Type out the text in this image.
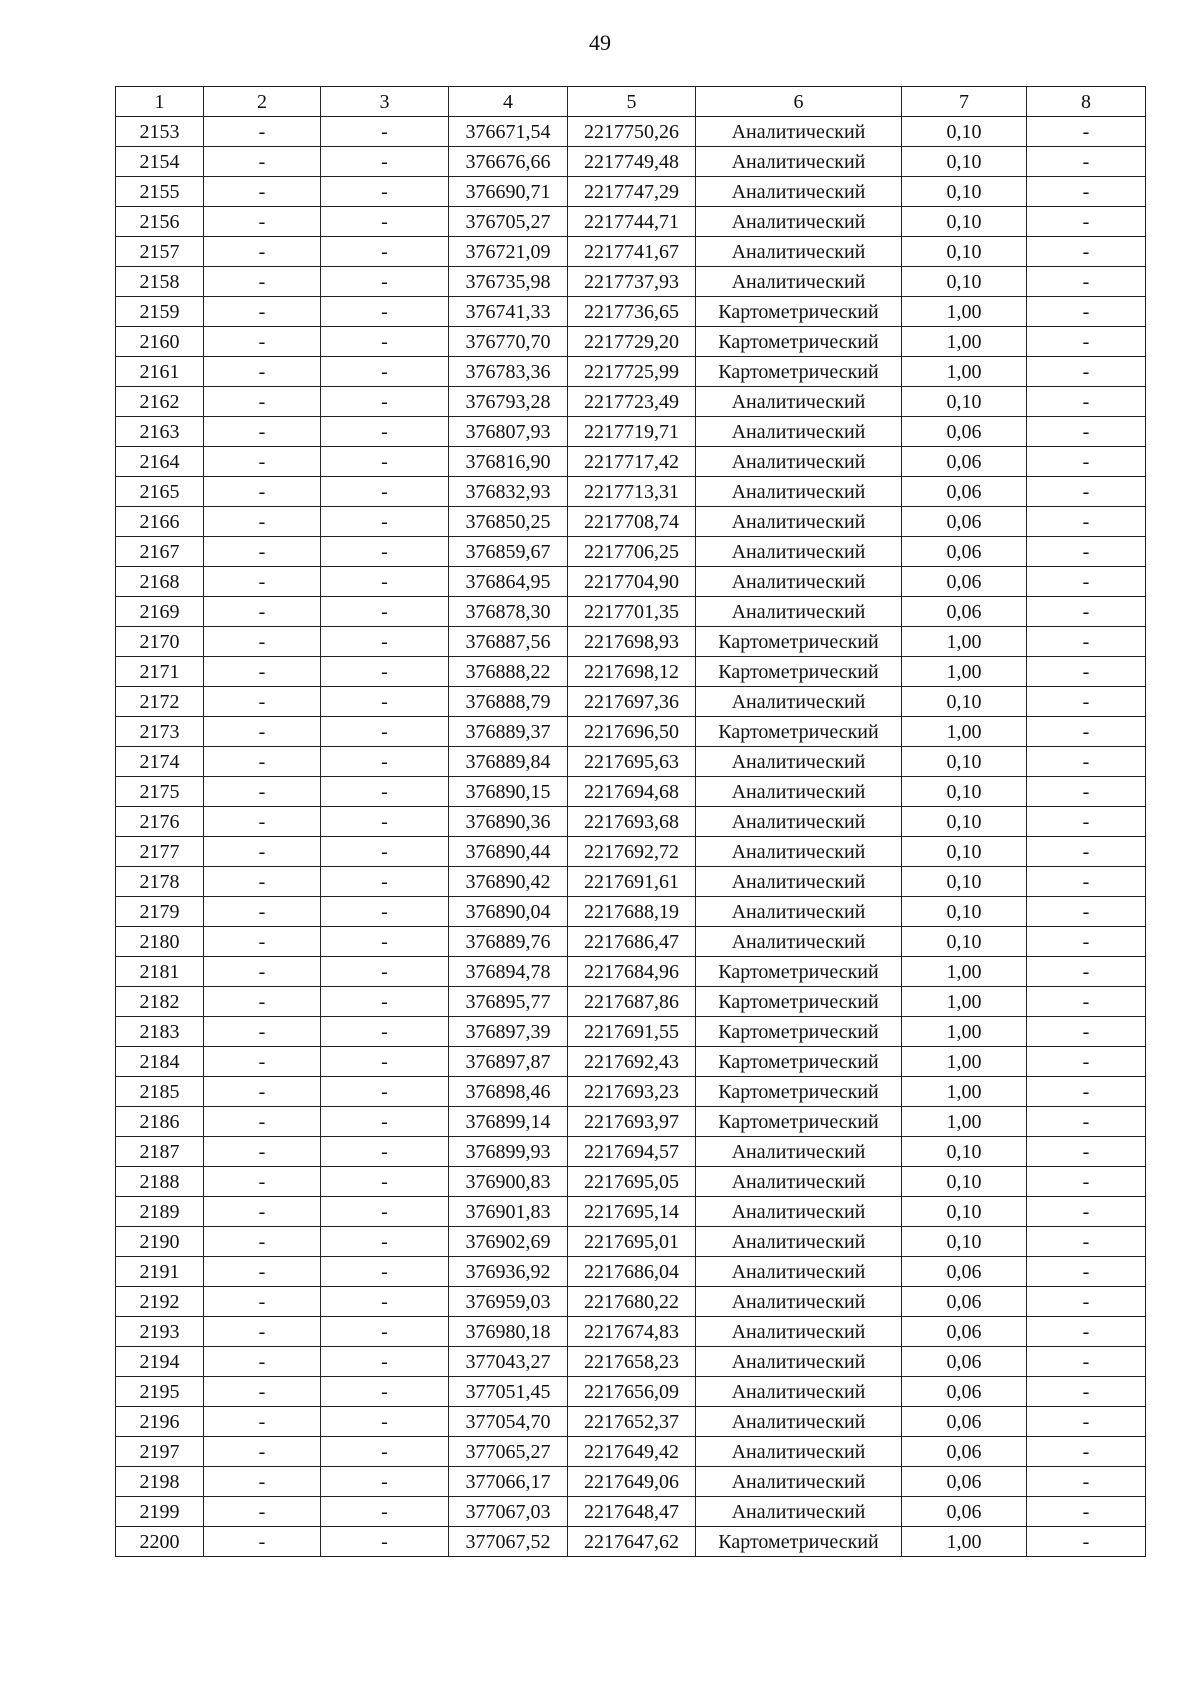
49
1	2	3	4	5	6	7	8
2153	-	-	376671,54	2217750,26	Аналитический	0,10	-
2154	-	-	376676,66	2217749,48	Аналитический	0,10	-
2155	-	-	376690,71	2217747,29	Аналитический	0,10	-
2156	-	-	376705,27	2217744,71	Аналитический	0,10	-
2157	-	-	376721,09	2217741,67	Аналитический	0,10	-
2158	-	-	376735,98	2217737,93	Аналитический	0,10	-
2159	-	-	376741,33	2217736,65	Картометрический	1,00	-
2160	-	-	376770,70	2217729,20	Картометрический	1,00	-
2161	-	-	376783,36	2217725,99	Картометрический	1,00	-
2162	-	-	376793,28	2217723,49	Аналитический	0,10	-
2163	-	-	376807,93	2217719,71	Аналитический	0,06	-
2164	-	-	376816,90	2217717,42	Аналитический	0,06	-
2165	-	-	376832,93	2217713,31	Аналитический	0,06	-
2166	-	-	376850,25	2217708,74	Аналитический	0,06	-
2167	-	-	376859,67	2217706,25	Аналитический	0,06	-
2168	-	-	376864,95	2217704,90	Аналитический	0,06	-
2169	-	-	376878,30	2217701,35	Аналитический	0,06	-
2170	-	-	376887,56	2217698,93	Картометрический	1,00	-
2171	-	-	376888,22	2217698,12	Картометрический	1,00	-
2172	-	-	376888,79	2217697,36	Аналитический	0,10	-
2173	-	-	376889,37	2217696,50	Картометрический	1,00	-
2174	-	-	376889,84	2217695,63	Аналитический	0,10	-
2175	-	-	376890,15	2217694,68	Аналитический	0,10	-
2176	-	-	376890,36	2217693,68	Аналитический	0,10	-
2177	-	-	376890,44	2217692,72	Аналитический	0,10	-
2178	-	-	376890,42	2217691,61	Аналитический	0,10	-
2179	-	-	376890,04	2217688,19	Аналитический	0,10	-
2180	-	-	376889,76	2217686,47	Аналитический	0,10	-
2181	-	-	376894,78	2217684,96	Картометрический	1,00	-
2182	-	-	376895,77	2217687,86	Картометрический	1,00	-
2183	-	-	376897,39	2217691,55	Картометрический	1,00	-
2184	-	-	376897,87	2217692,43	Картометрический	1,00	-
2185	-	-	376898,46	2217693,23	Картометрический	1,00	-
2186	-	-	376899,14	2217693,97	Картометрический	1,00	-
2187	-	-	376899,93	2217694,57	Аналитический	0,10	-
2188	-	-	376900,83	2217695,05	Аналитический	0,10	-
2189	-	-	376901,83	2217695,14	Аналитический	0,10	-
2190	-	-	376902,69	2217695,01	Аналитический	0,10	-
2191	-	-	376936,92	2217686,04	Аналитический	0,06	-
2192	-	-	376959,03	2217680,22	Аналитический	0,06	-
2193	-	-	376980,18	2217674,83	Аналитический	0,06	-
2194	-	-	377043,27	2217658,23	Аналитический	0,06	-
2195	-	-	377051,45	2217656,09	Аналитический	0,06	-
2196	-	-	377054,70	2217652,37	Аналитический	0,06	-
2197	-	-	377065,27	2217649,42	Аналитический	0,06	-
2198	-	-	377066,17	2217649,06	Аналитический	0,06	-
2199	-	-	377067,03	2217648,47	Аналитический	0,06	-
2200	-	-	377067,52	2217647,62	Картометрический	1,00	-
